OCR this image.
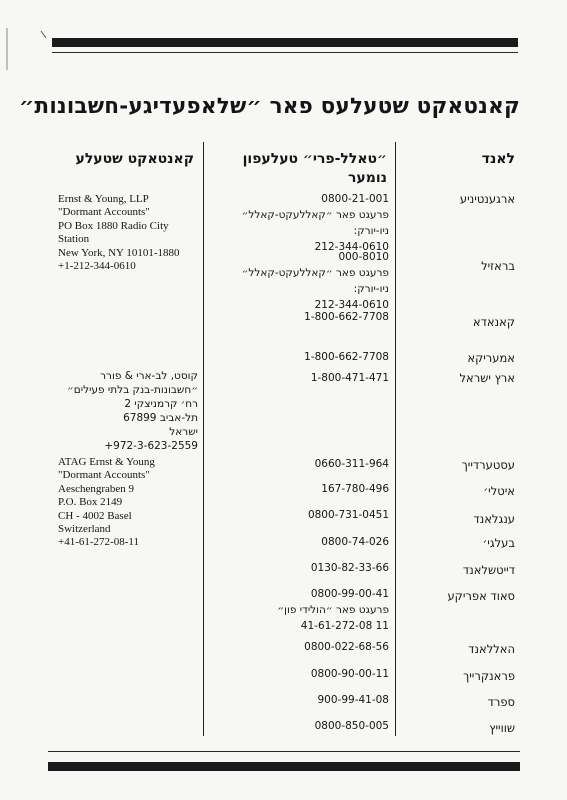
קאנטאקט שטעלעס פאר ״שלאפעדיגע-חשבונות״
לאנד
״טאלל-פרי״ טעלעפון נומער
קאנטאקט שטעלע
ארגענטיניע
בראזיל
קאנאדא
אמעריקא
ארץ ישראל
עסטערדייך
איטלי׳
ענגלאנד
בעלגי׳
דייטשלאנד
סאוד אפריקע
האללאנד
פראנקרייך
ספרד
שווייץ
0800-21-001
פרעגט פאר ״קאללעקט-קאלל״ ניו-יורק:
212-344-0610
000-8010
פרעגט פאר ״קאללעקט-קאלל״ ניו-יורק:
212-344-0610
1-800-662-7708
1-800-662-7708
1-800-471-471
0660-311-964
167-780-496
0800-731-0451
0800-74-026
0130-82-33-66
0800-99-00-41
פרעגט פאר ״הולידי פון״
41-61-272-08 11
0800-022-68-56
0800-90-00-11
900-99-41-08
0800-850-005
Ernst & Young, LLP
"Dormant Accounts"
PO Box 1880 Radio City
Station
New York, NY 10101-1880
+1-212-344-0610
קוסט, לב-ארי & פורר
״חשבונות-בנק בלתי פעילים״
רח׳ קרמניצקי 2
תל-אביב 67899
ישראל
+972-3-623-2559
ATAG Ernst & Young
"Dormant Accounts"
Aeschengraben 9
P.O. Box 2149
CH - 4002 Basel
Switzerland
+41-61-272-08-11
